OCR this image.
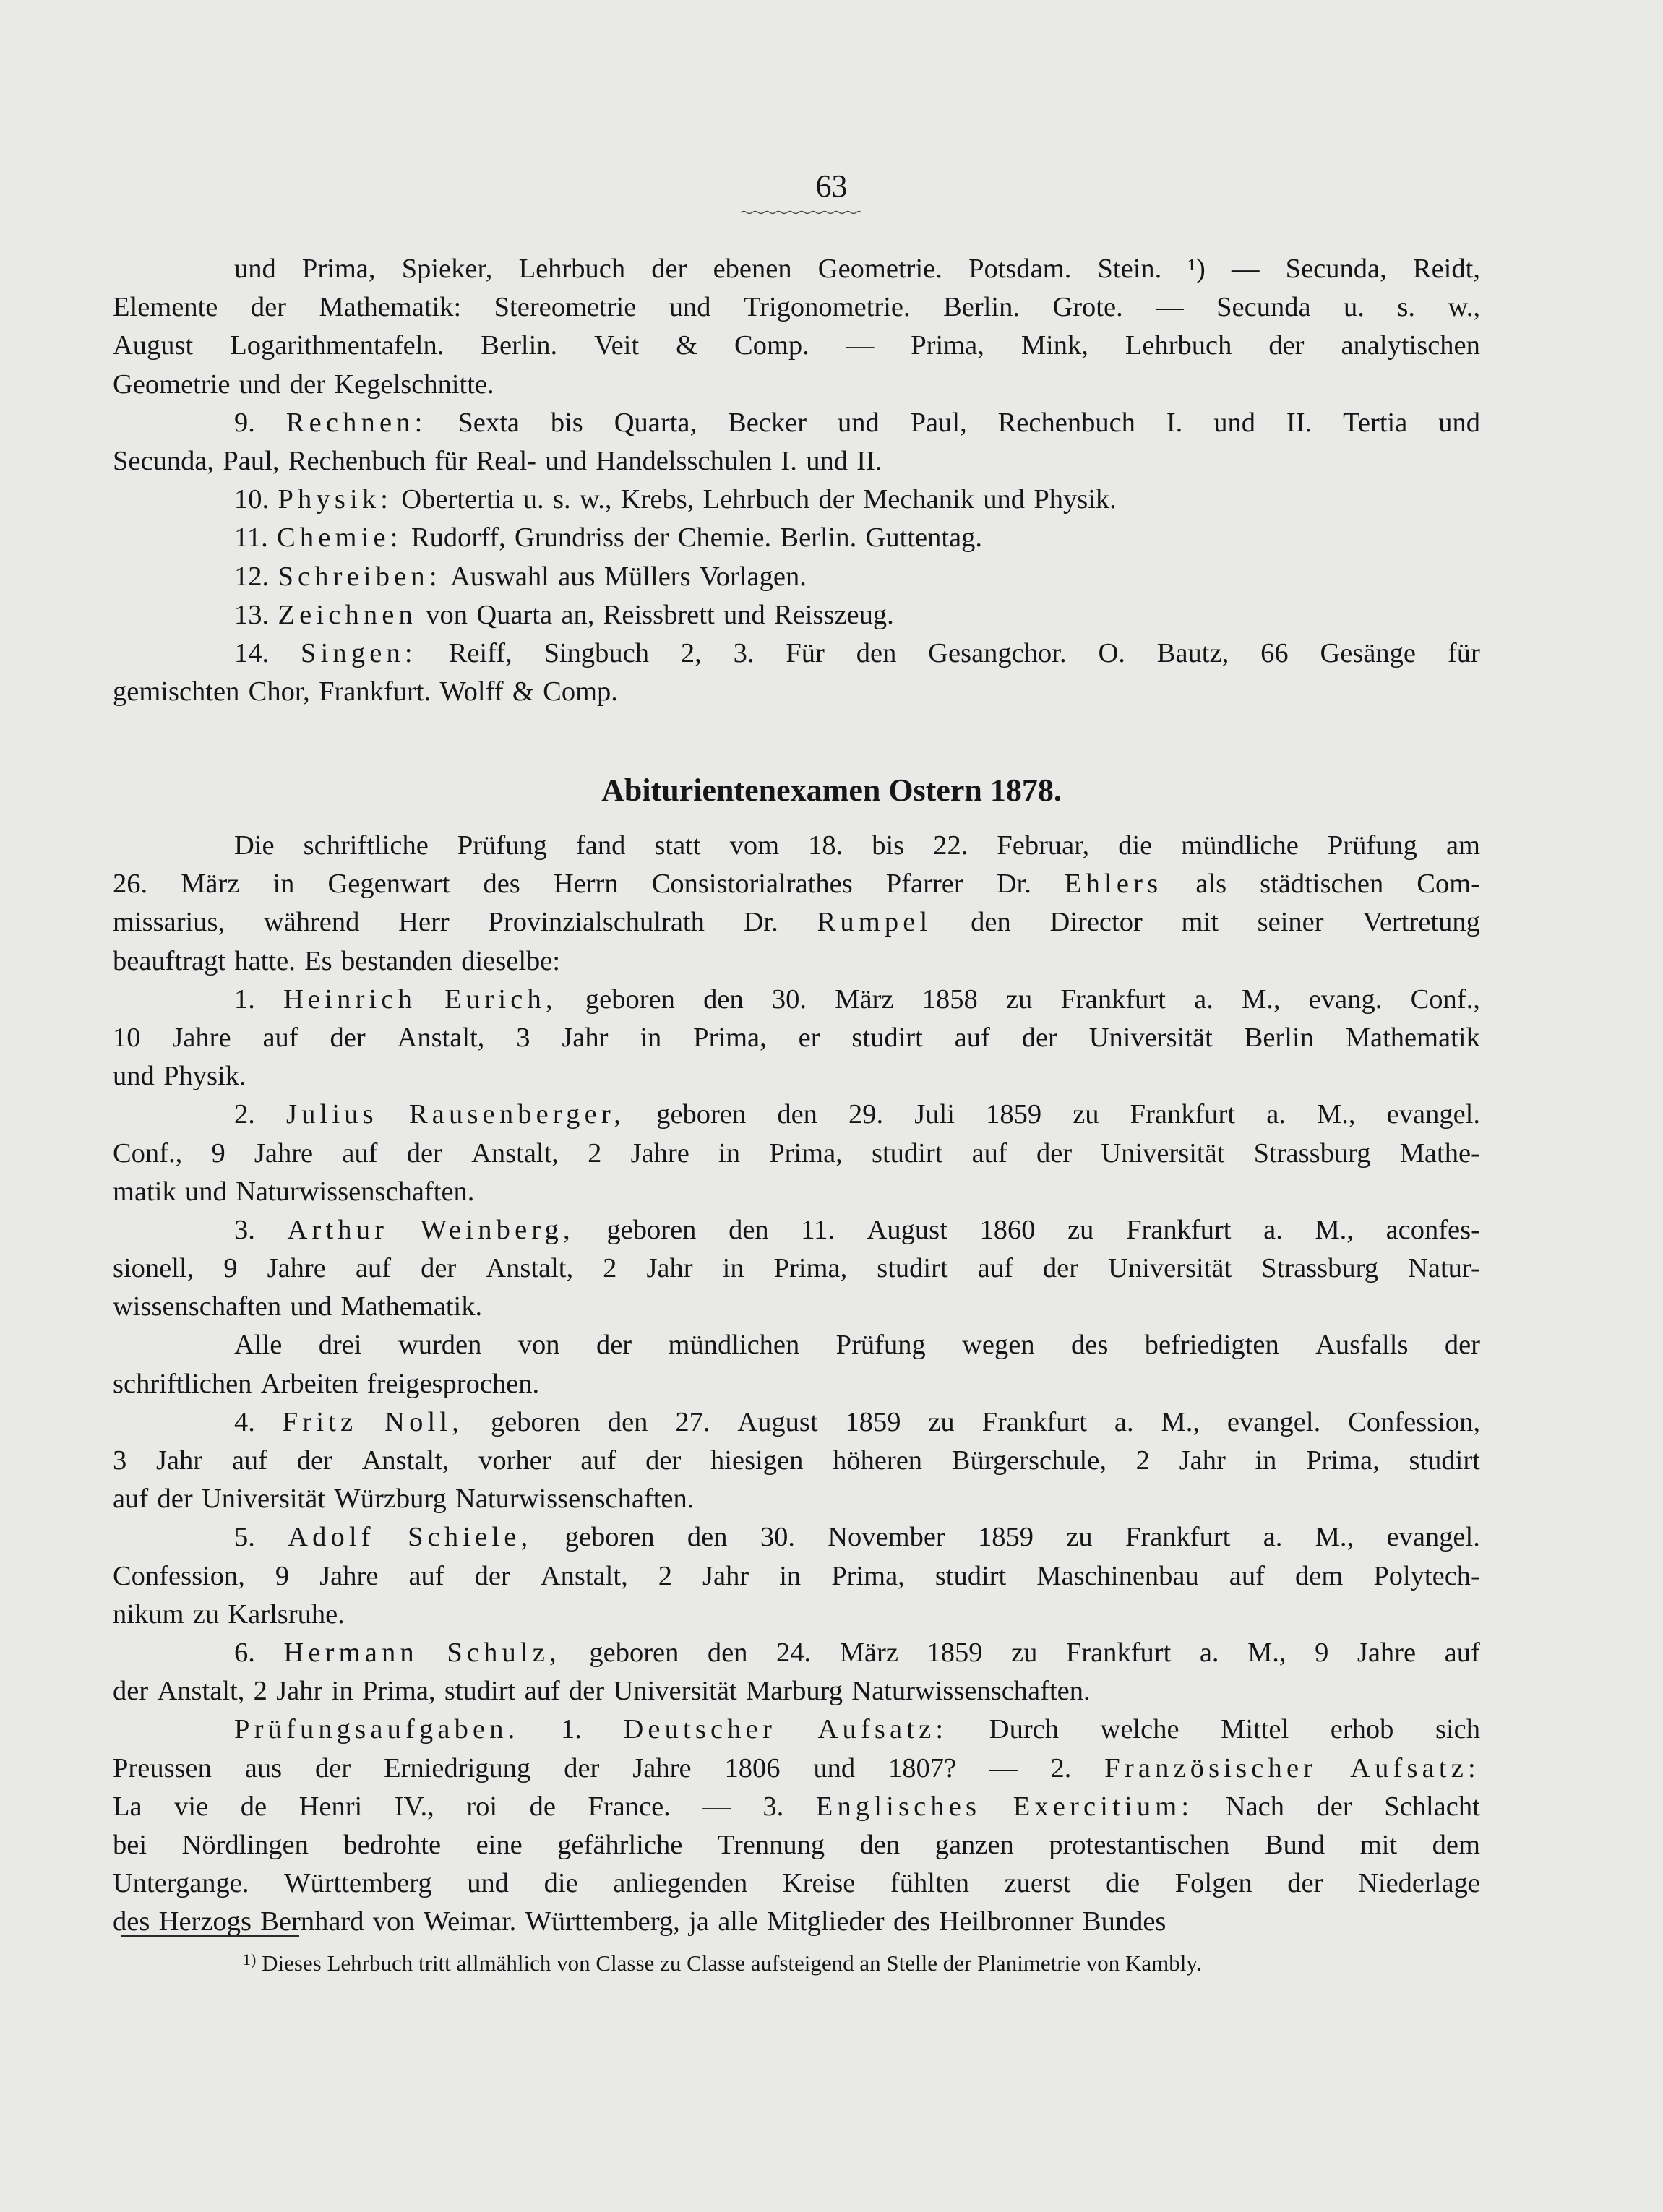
63
und Prima, Spieker, Lehrbuch der ebenen Geometrie. Potsdam. Stein. ¹) — Secunda, Reidt,
Elemente der Mathematik: Stereometrie und Trigonometrie. Berlin. Grote. — Secunda u. s. w.,
August Logarithmentafeln. Berlin. Veit & Comp. — Prima, Mink, Lehrbuch der analytischen
Geometrie und der Kegelschnitte.
9. Rechnen: Sexta bis Quarta, Becker und Paul, Rechenbuch I. und II. Tertia und
Secunda, Paul, Rechenbuch für Real- und Handelsschulen I. und II.
10. Physik: Obertertia u. s. w., Krebs, Lehrbuch der Mechanik und Physik.
11. Chemie: Rudorff, Grundriss der Chemie. Berlin. Guttentag.
12. Schreiben: Auswahl aus Müllers Vorlagen.
13. Zeichnen von Quarta an, Reissbrett und Reisszeug.
14. Singen: Reiff, Singbuch 2, 3. Für den Gesangchor. O. Bautz, 66 Gesänge für
gemischten Chor, Frankfurt. Wolff & Comp.
Abiturientenexamen Ostern 1878.
Die schriftliche Prüfung fand statt vom 18. bis 22. Februar, die mündliche Prüfung am
26. März in Gegenwart des Herrn Consistorialrathes Pfarrer Dr. Ehlers als städtischen Com-
missarius, während Herr Provinzialschulrath Dr. Rumpel den Director mit seiner Vertretung
beauftragt hatte. Es bestanden dieselbe:
1. Heinrich Eurich, geboren den 30. März 1858 zu Frankfurt a. M., evang. Conf.,
10 Jahre auf der Anstalt, 3 Jahr in Prima, er studirt auf der Universität Berlin Mathematik
und Physik.
2. Julius Rausenberger, geboren den 29. Juli 1859 zu Frankfurt a. M., evangel.
Conf., 9 Jahre auf der Anstalt, 2 Jahre in Prima, studirt auf der Universität Strassburg Mathe-
matik und Naturwissenschaften.
3. Arthur Weinberg, geboren den 11. August 1860 zu Frankfurt a. M., aconfes-
sionell, 9 Jahre auf der Anstalt, 2 Jahr in Prima, studirt auf der Universität Strassburg Natur-
wissenschaften und Mathematik.
Alle drei wurden von der mündlichen Prüfung wegen des befriedigten Ausfalls der
schriftlichen Arbeiten freigesprochen.
4. Fritz Noll, geboren den 27. August 1859 zu Frankfurt a. M., evangel. Confession,
3 Jahr auf der Anstalt, vorher auf der hiesigen höheren Bürgerschule, 2 Jahr in Prima, studirt
auf der Universität Würzburg Naturwissenschaften.
5. Adolf Schiele, geboren den 30. November 1859 zu Frankfurt a. M., evangel.
Confession, 9 Jahre auf der Anstalt, 2 Jahr in Prima, studirt Maschinenbau auf dem Polytech-
nikum zu Karlsruhe.
6. Hermann Schulz, geboren den 24. März 1859 zu Frankfurt a. M., 9 Jahre auf
der Anstalt, 2 Jahr in Prima, studirt auf der Universität Marburg Naturwissenschaften.
Prüfungsaufgaben. 1. Deutscher Aufsatz: Durch welche Mittel erhob sich
Preussen aus der Erniedrigung der Jahre 1806 und 1807? — 2. Französischer Aufsatz:
La vie de Henri IV., roi de France. — 3. Englisches Exercitium: Nach der Schlacht
bei Nördlingen bedrohte eine gefährliche Trennung den ganzen protestantischen Bund mit dem
Untergange. Württemberg und die anliegenden Kreise fühlten zuerst die Folgen der Niederlage
des Herzogs Bernhard von Weimar. Württemberg, ja alle Mitglieder des Heilbronner Bundes
$^{1)}$ Dieses Lehrbuch tritt allmählich von Classe zu Classe aufsteigend an Stelle der Planimetrie von Kambly.
